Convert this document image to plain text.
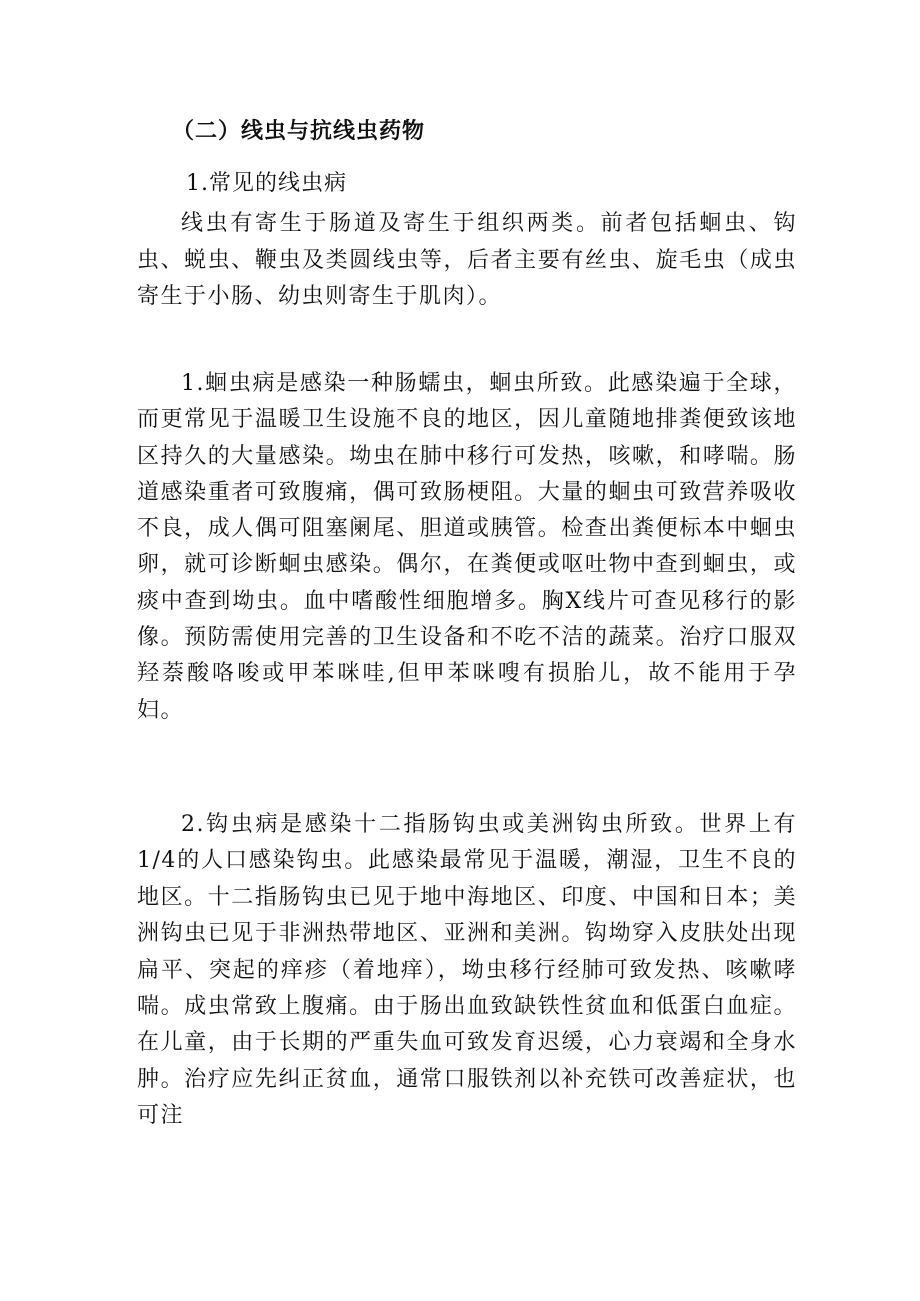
（二）线虫与抗线虫药物
1.常见的线虫病

线虫有寄生于肠道及寄生于组织两类。前者包括蛔虫、钩虫、蜕虫、鞭虫及类圆线虫等，后者主要有丝虫、旋毛虫（成虫寄生于小肠、幼虫则寄生于肌肉）。

1.蛔虫病是感染一种肠蠕虫，蛔虫所致。此感染遍于全球，而更常见于温暖卫生设施不良的地区，因儿童随地排粪便致该地区持久的大量感染。坳虫在肺中移行可发热，咳嗽，和哮喘。肠道感染重者可致腹痛，偶可致肠梗阻。大量的蛔虫可致营养吸收不良，成人偶可阻塞阑尾、胆道或胰管。检查出粪便标本中蛔虫卵，就可诊断蛔虫感染。偶尔，在粪便或呕吐物中查到蛔虫，或痰中查到坳虫。血中嗜酸性细胞增多。胸X线片可查见移行的影像。预防需使用完善的卫生设备和不吃不洁的蔬菜。治疗口服双羟萘酸咯唆或甲苯咪哇,但甲苯咪嗖有损胎儿，故不能用于孕妇。

2.钩虫病是感染十二指肠钩虫或美洲钩虫所致。世界上有1/4的人口感染钩虫。此感染最常见于温暖，潮湿，卫生不良的地区。十二指肠钩虫已见于地中海地区、印度、中国和日本；美洲钩虫已见于非洲热带地区、亚洲和美洲。钩坳穿入皮肤处出现扁平、突起的痒疹（着地痒），坳虫移行经肺可致发热、咳嗽哮喘。成虫常致上腹痛。由于肠出血致缺铁性贫血和低蛋白血症。在儿童，由于长期的严重失血可致发育迟缓，心力衰竭和全身水肿。治疗应先纠正贫血，通常口服铁剂以补充铁可改善症状，也可注
